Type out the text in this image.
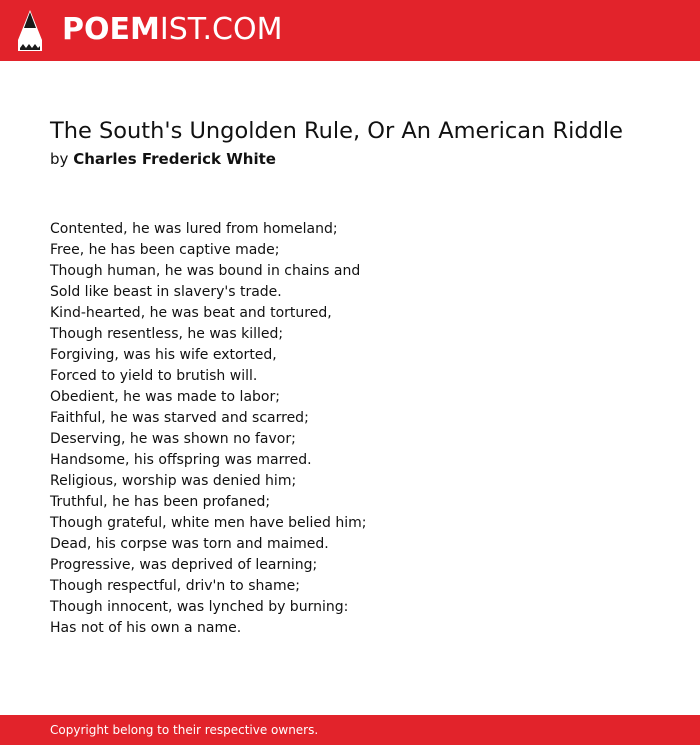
POEMIST.COM
The South's Ungolden Rule, Or An American Riddle
by Charles Frederick White
Contented, he was lured from homeland;
Free, he has been captive made;
Though human, he was bound in chains and
Sold like beast in slavery's trade.
Kind-hearted, he was beat and tortured,
Though resentless, he was killed;
Forgiving, was his wife extorted,
Forced to yield to brutish will.
Obedient, he was made to labor;
Faithful, he was starved and scarred;
Deserving, he was shown no favor;
Handsome, his offspring was marred.
Religious, worship was denied him;
Truthful, he has been profaned;
Though grateful, white men have belied him;
Dead, his corpse was torn and maimed.
Progressive, was deprived of learning;
Though respectful, driv'n to shame;
Though innocent, was lynched by burning:
Has not of his own a name.
Copyright belong to their respective owners.
